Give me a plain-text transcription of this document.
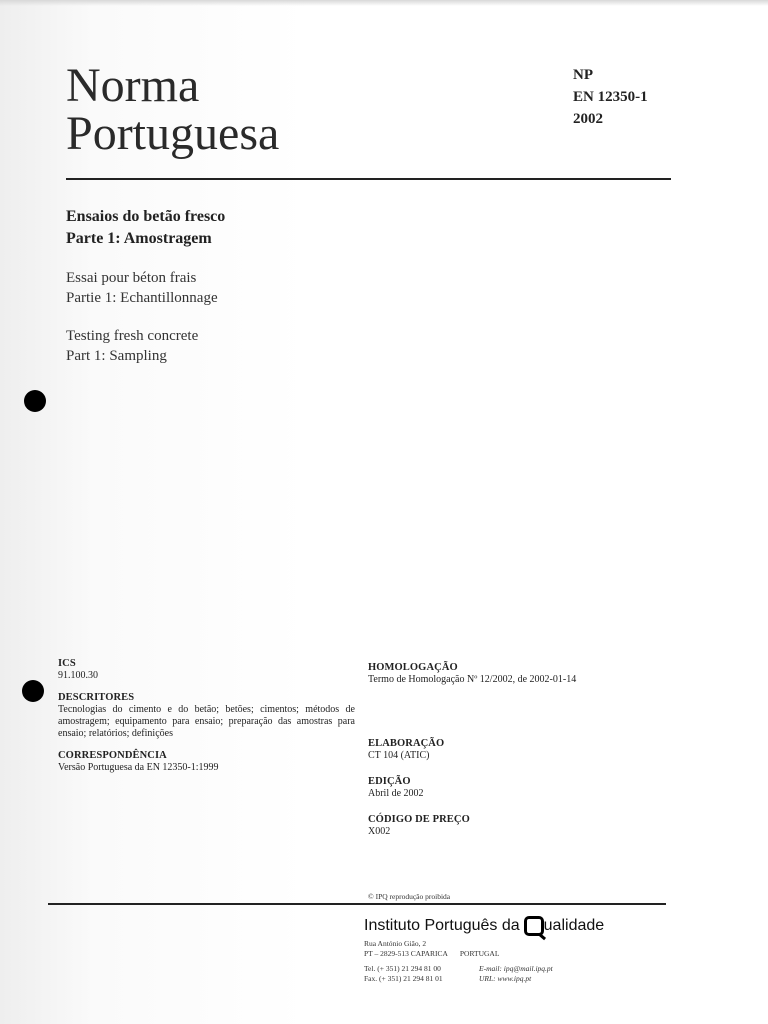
Norma
Portuguesa
NP
EN 12350-1
2002
Ensaios do betão fresco
Parte 1: Amostragem
Essai pour béton frais
Partie 1: Echantillonnage
Testing fresh concrete
Part 1: Sampling
ICS
91.100.30
DESCRITORES
Tecnologias do cimento e do betão; betões; cimentos; métodos de amostragem; equipamento para ensaio; preparação das amostras para ensaio; relatórios; definições
CORRESPONDÊNCIA
Versão Portuguesa da EN 12350-1:1999
HOMOLOGAÇÃO
Termo de Homologação Nº 12/2002, de 2002-01-14
ELABORAÇÃO
CT 104 (ATIC)
EDIÇÃO
Abril de 2002
CÓDIGO DE PREÇO
X002
© IPQ reprodução proibida
Instituto Português da ualidade
Rua António Gião, 2
PT – 2829-513 CAPARICA PORTUGAL
Tel. (+ 351) 21 294 81 00
Fax. (+ 351) 21 294 81 01
E-mail: ipq@mail.ipq.pt
URL: www.ipq.pt
